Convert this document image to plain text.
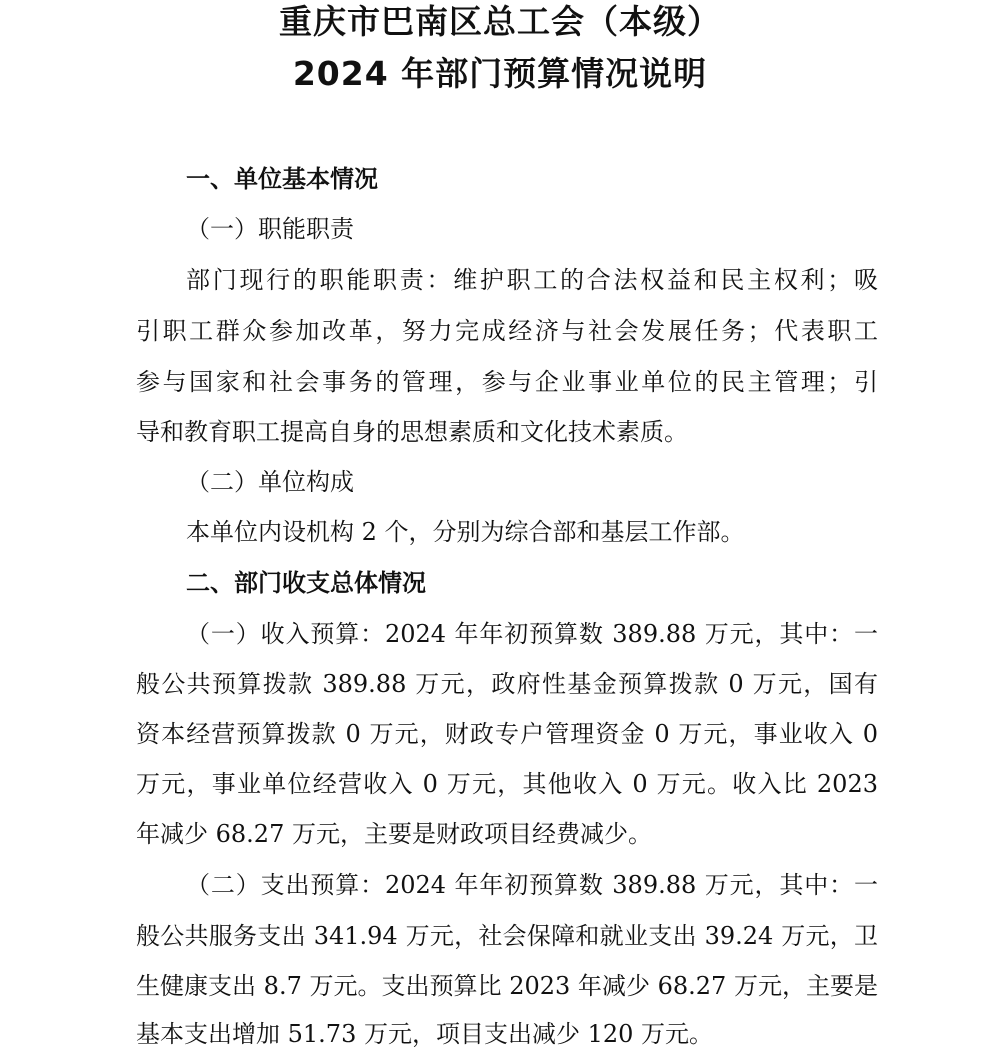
重庆市巴南区总工会（本级）
2024 年部门预算情况说明
一、单位基本情况
（一）职能职责
部门现行的职能职责：维护职工的合法权益和民主权利；吸
引职工群众参加改革，努力完成经济与社会发展任务；代表职工
参与国家和社会事务的管理，参与企业事业单位的民主管理；引
导和教育职工提高自身的思想素质和文化技术素质。
（二）单位构成
本单位内设机构 2 个，分别为综合部和基层工作部。
二、部门收支总体情况
（一）收入预算：2024 年年初预算数 389.88 万元，其中：一
般公共预算拨款 389.88 万元，政府性基金预算拨款 0 万元，国有
资本经营预算拨款 0 万元，财政专户管理资金 0 万元，事业收入 0
万元，事业单位经营收入 0 万元，其他收入 0 万元。收入比 2023
年减少 68.27 万元，主要是财政项目经费减少。
（二）支出预算：2024 年年初预算数 389.88 万元，其中：一
般公共服务支出 341.94 万元，社会保障和就业支出 39.24 万元，卫
生健康支出 8.7 万元。支出预算比 2023 年减少 68.27 万元，主要是
基本支出增加 51.73 万元，项目支出减少 120 万元。
